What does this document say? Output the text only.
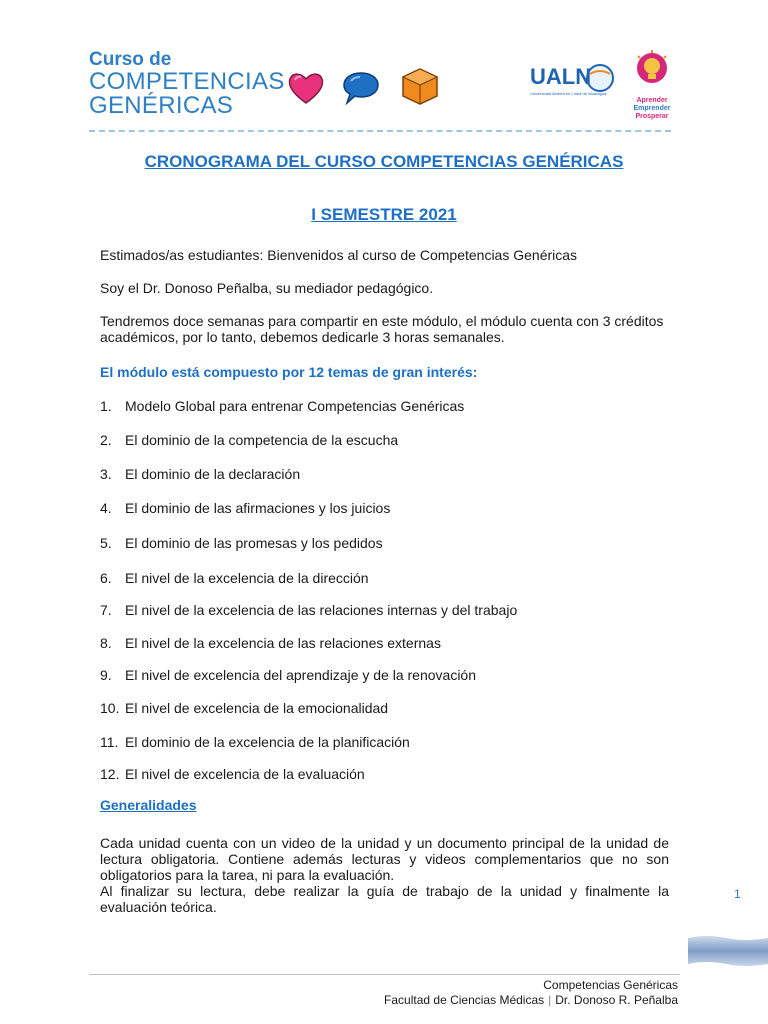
Curso de
COMPETENCIAS
GENÉRICAS
UALN
Universidad Abierta en Línea de Nicaragua
Aprender
Emprender
Prosperar
CRONOGRAMA DEL CURSO COMPETENCIAS GENÉRICAS
I SEMESTRE 2021
Estimados/as estudiantes: Bienvenidos al curso de Competencias Genéricas
Soy el Dr. Donoso Peñalba, su mediador pedagógico.
Tendremos doce semanas para compartir en este módulo, el módulo cuenta con 3 créditos
académicos, por lo tanto, debemos dedicarle 3 horas semanales.
El módulo está compuesto por 12 temas de gran interés:
1. Modelo Global para entrenar Competencias Genéricas
2. El dominio de la competencia de la escucha
3. El dominio de la declaración
4. El dominio de las afirmaciones y los juicios
5. El dominio de las promesas y los pedidos
6. El nivel de la excelencia de la dirección
7. El nivel de la excelencia de las relaciones internas y del trabajo
8. El nivel de la excelencia de las relaciones externas
9. El nivel de excelencia del aprendizaje y de la renovación
10. El nivel de excelencia de la emocionalidad
11. El dominio de la excelencia de la planificación
12. El nivel de excelencia de la evaluación
Generalidades
Cada unidad cuenta con un video de la unidad y un documento principal de la unidad de lectura obligatoria. Contiene además lecturas y videos complementarios que no son obligatorios para la tarea, ni para la evaluación.
Al finalizar su lectura, debe realizar la guía de trabajo de la unidad y finalmente la evaluación teórica.
1
Competencias Genéricas
Facultad de Ciencias Médicas | Dr. Donoso R. Peñalba
